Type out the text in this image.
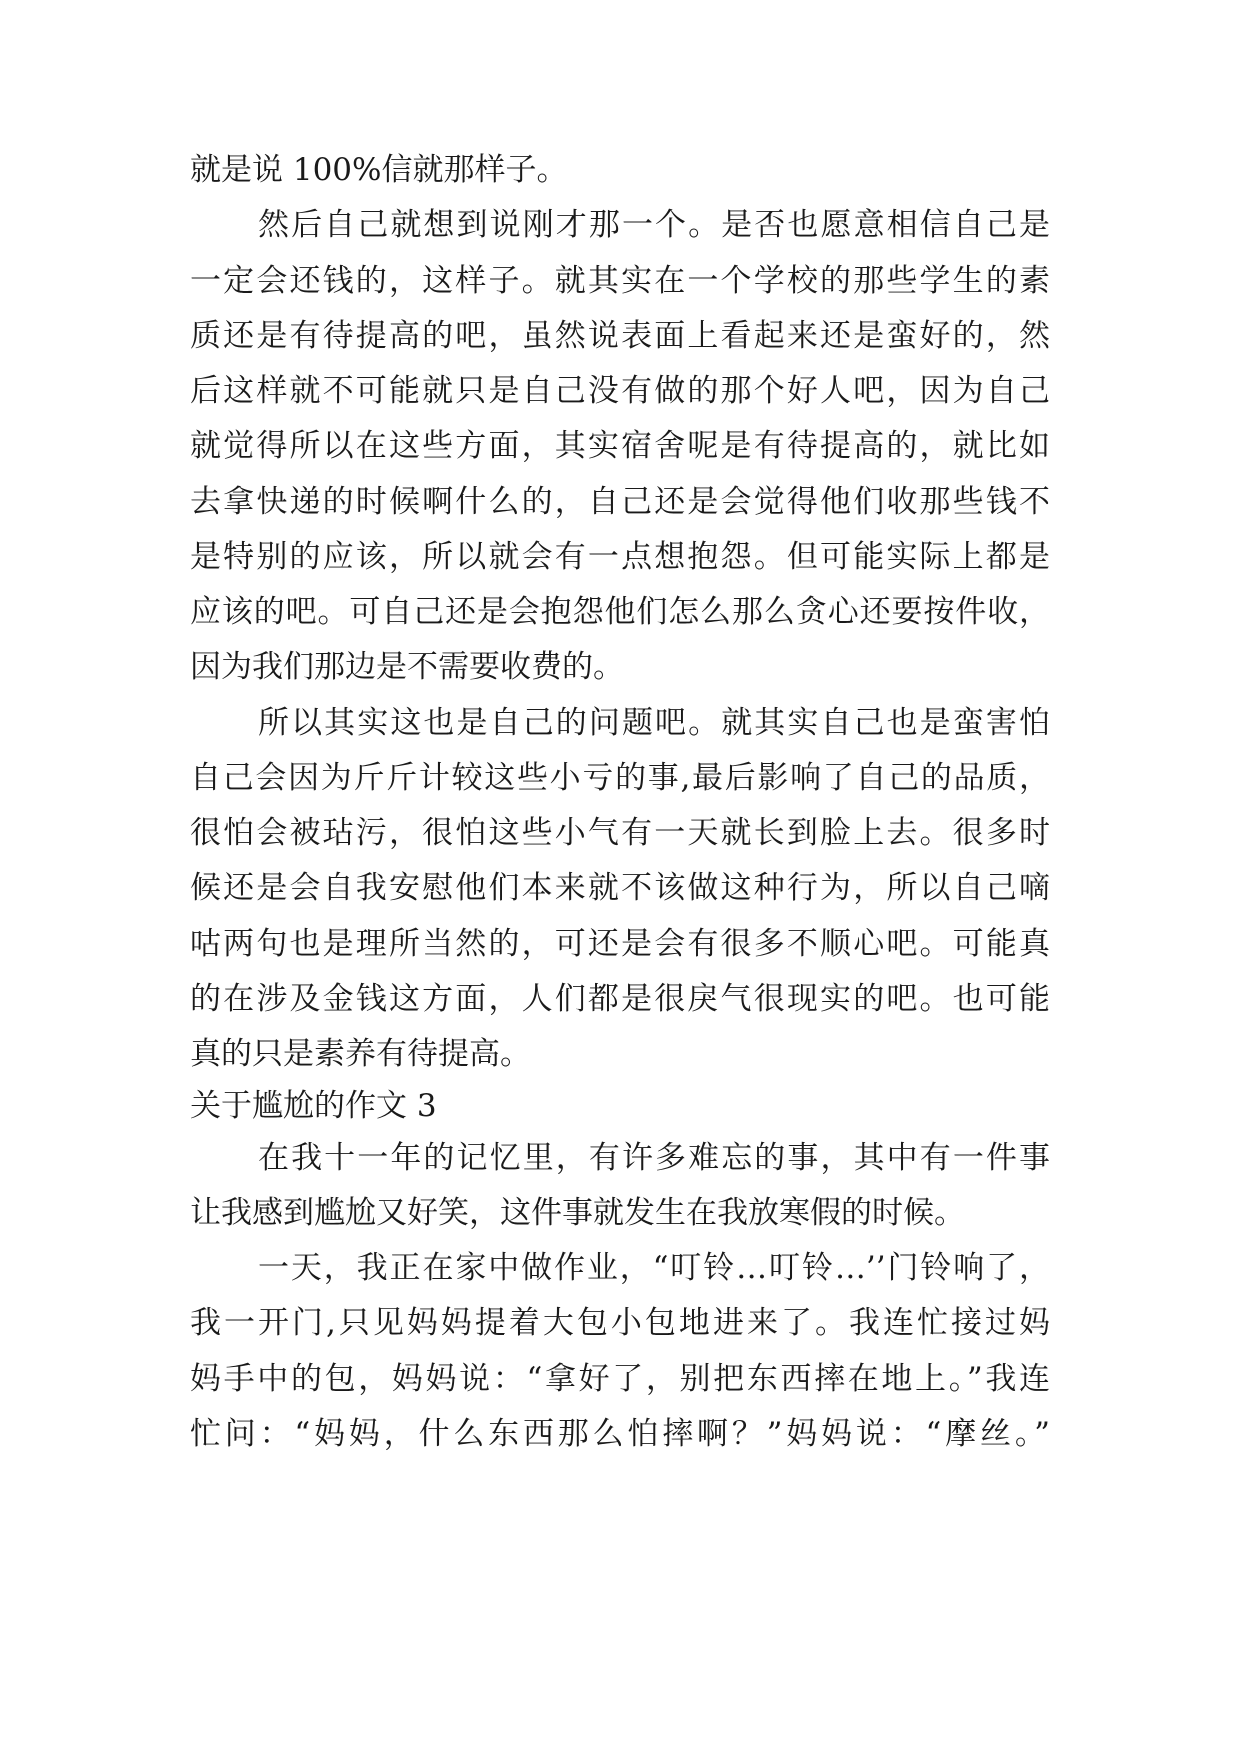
就是说 100%信就那样子。
然后自己就想到说刚才那一个。是否也愿意相信自己是
一定会还钱的，这样子。就其实在一个学校的那些学生的素
质还是有待提高的吧，虽然说表面上看起来还是蛮好的，然
后这样就不可能就只是自己没有做的那个好人吧，因为自己
就觉得所以在这些方面，其实宿舍呢是有待提高的，就比如
去拿快递的时候啊什么的，自己还是会觉得他们收那些钱不
是特别的应该，所以就会有一点想抱怨。但可能实际上都是
应该的吧。可自己还是会抱怨他们怎么那么贪心还要按件收，
因为我们那边是不需要收费的。
所以其实这也是自己的问题吧。就其实自己也是蛮害怕
自己会因为斤斤计较这些小亏的事,最后影响了自己的品质，
很怕会被玷污，很怕这些小气有一天就长到脸上去。很多时
候还是会自我安慰他们本来就不该做这种行为，所以自己嘀
咕两句也是理所当然的，可还是会有很多不顺心吧。可能真
的在涉及金钱这方面，人们都是很戾气很现实的吧。也可能
真的只是素养有待提高。
关于尴尬的作文 3
在我十一年的记忆里，有许多难忘的事，其中有一件事
让我感到尴尬又好笑，这件事就发生在我放寒假的时候。
一天，我正在家中做作业，“叮铃…叮铃…’’门铃响了，
我一开门,只见妈妈提着大包小包地进来了。我连忙接过妈
妈手中的包，妈妈说：“拿好了，别把东西摔在地上。”我连
忙问：“妈妈，什么东西那么怕摔啊？”妈妈说：“摩丝。”
